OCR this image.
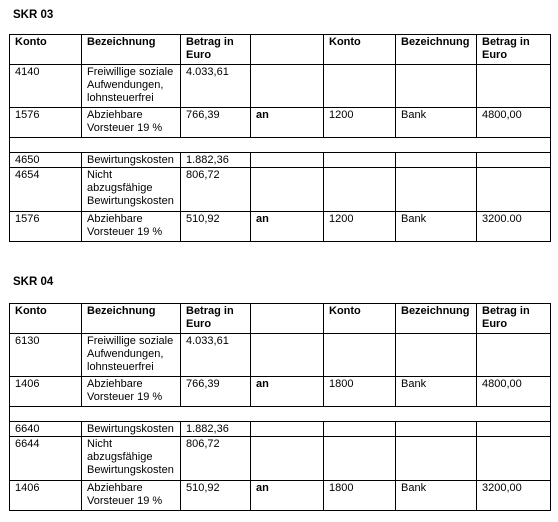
SKR 03
Konto	Bezeichnung	Betrag in Euro		Konto	Bezeichnung	Betrag in Euro
4140	Freiwillige soziale Aufwendungen, lohnsteuerfrei	4.033,61				
1576	Abziehbare Vorsteuer 19 %	766,39	an	1200	Bank	4800,00

4650	Bewirtungskosten	1.882,36				
4654	Nicht abzugsfähige Bewirtungskosten	806,72				
1576	Abziehbare Vorsteuer 19 %	510,92	an	1200	Bank	3200.00
SKR 04
Konto	Bezeichnung	Betrag in Euro		Konto	Bezeichnung	Betrag in Euro
6130	Freiwillige soziale Aufwendungen, lohnsteuerfrei	4.033,61				
1406	Abziehbare Vorsteuer 19 %	766,39	an	1800	Bank	4800,00

6640	Bewirtungskosten	1.882,36				
6644	Nicht abzugsfähige Bewirtungskosten	806,72				
1406	Abziehbare Vorsteuer 19 %	510,92	an	1800	Bank	3200,00
